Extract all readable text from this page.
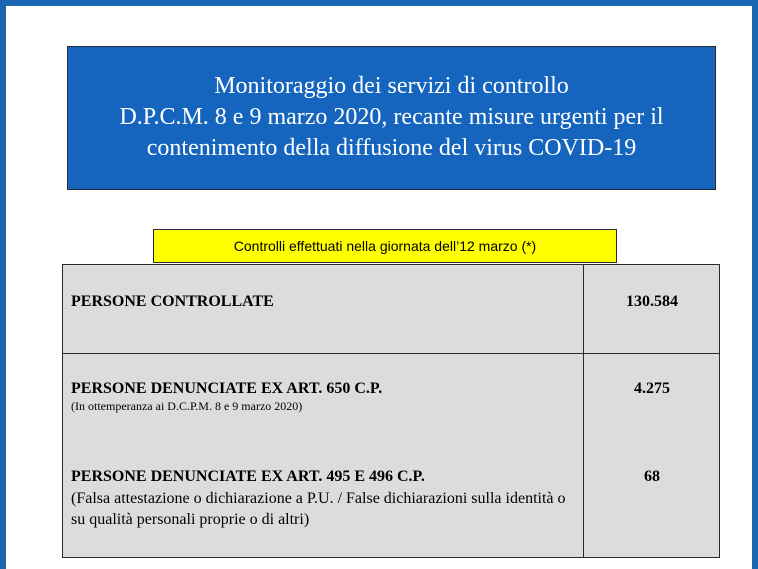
Monitoraggio dei servizi di controllo
D.P.C.M. 8 e 9 marzo 2020, recante misure urgenti per il
contenimento della diffusione del virus COVID-19
Controlli effettuati nella giornata dell’12 marzo (*)
PERSONE CONTROLLATE	130.584
PERSONE DENUNCIATE EX ART. 650 C.P.
(In ottemperanza ai D.C.P.M. 8 e 9 marzo 2020)
4.275
PERSONE DENUNCIATE EX ART. 495 E 496 C.P.
(Falsa attestazione o dichiarazione a P.U. / False dichiarazioni sulla identità o su qualità personali proprie o di altri)
68
